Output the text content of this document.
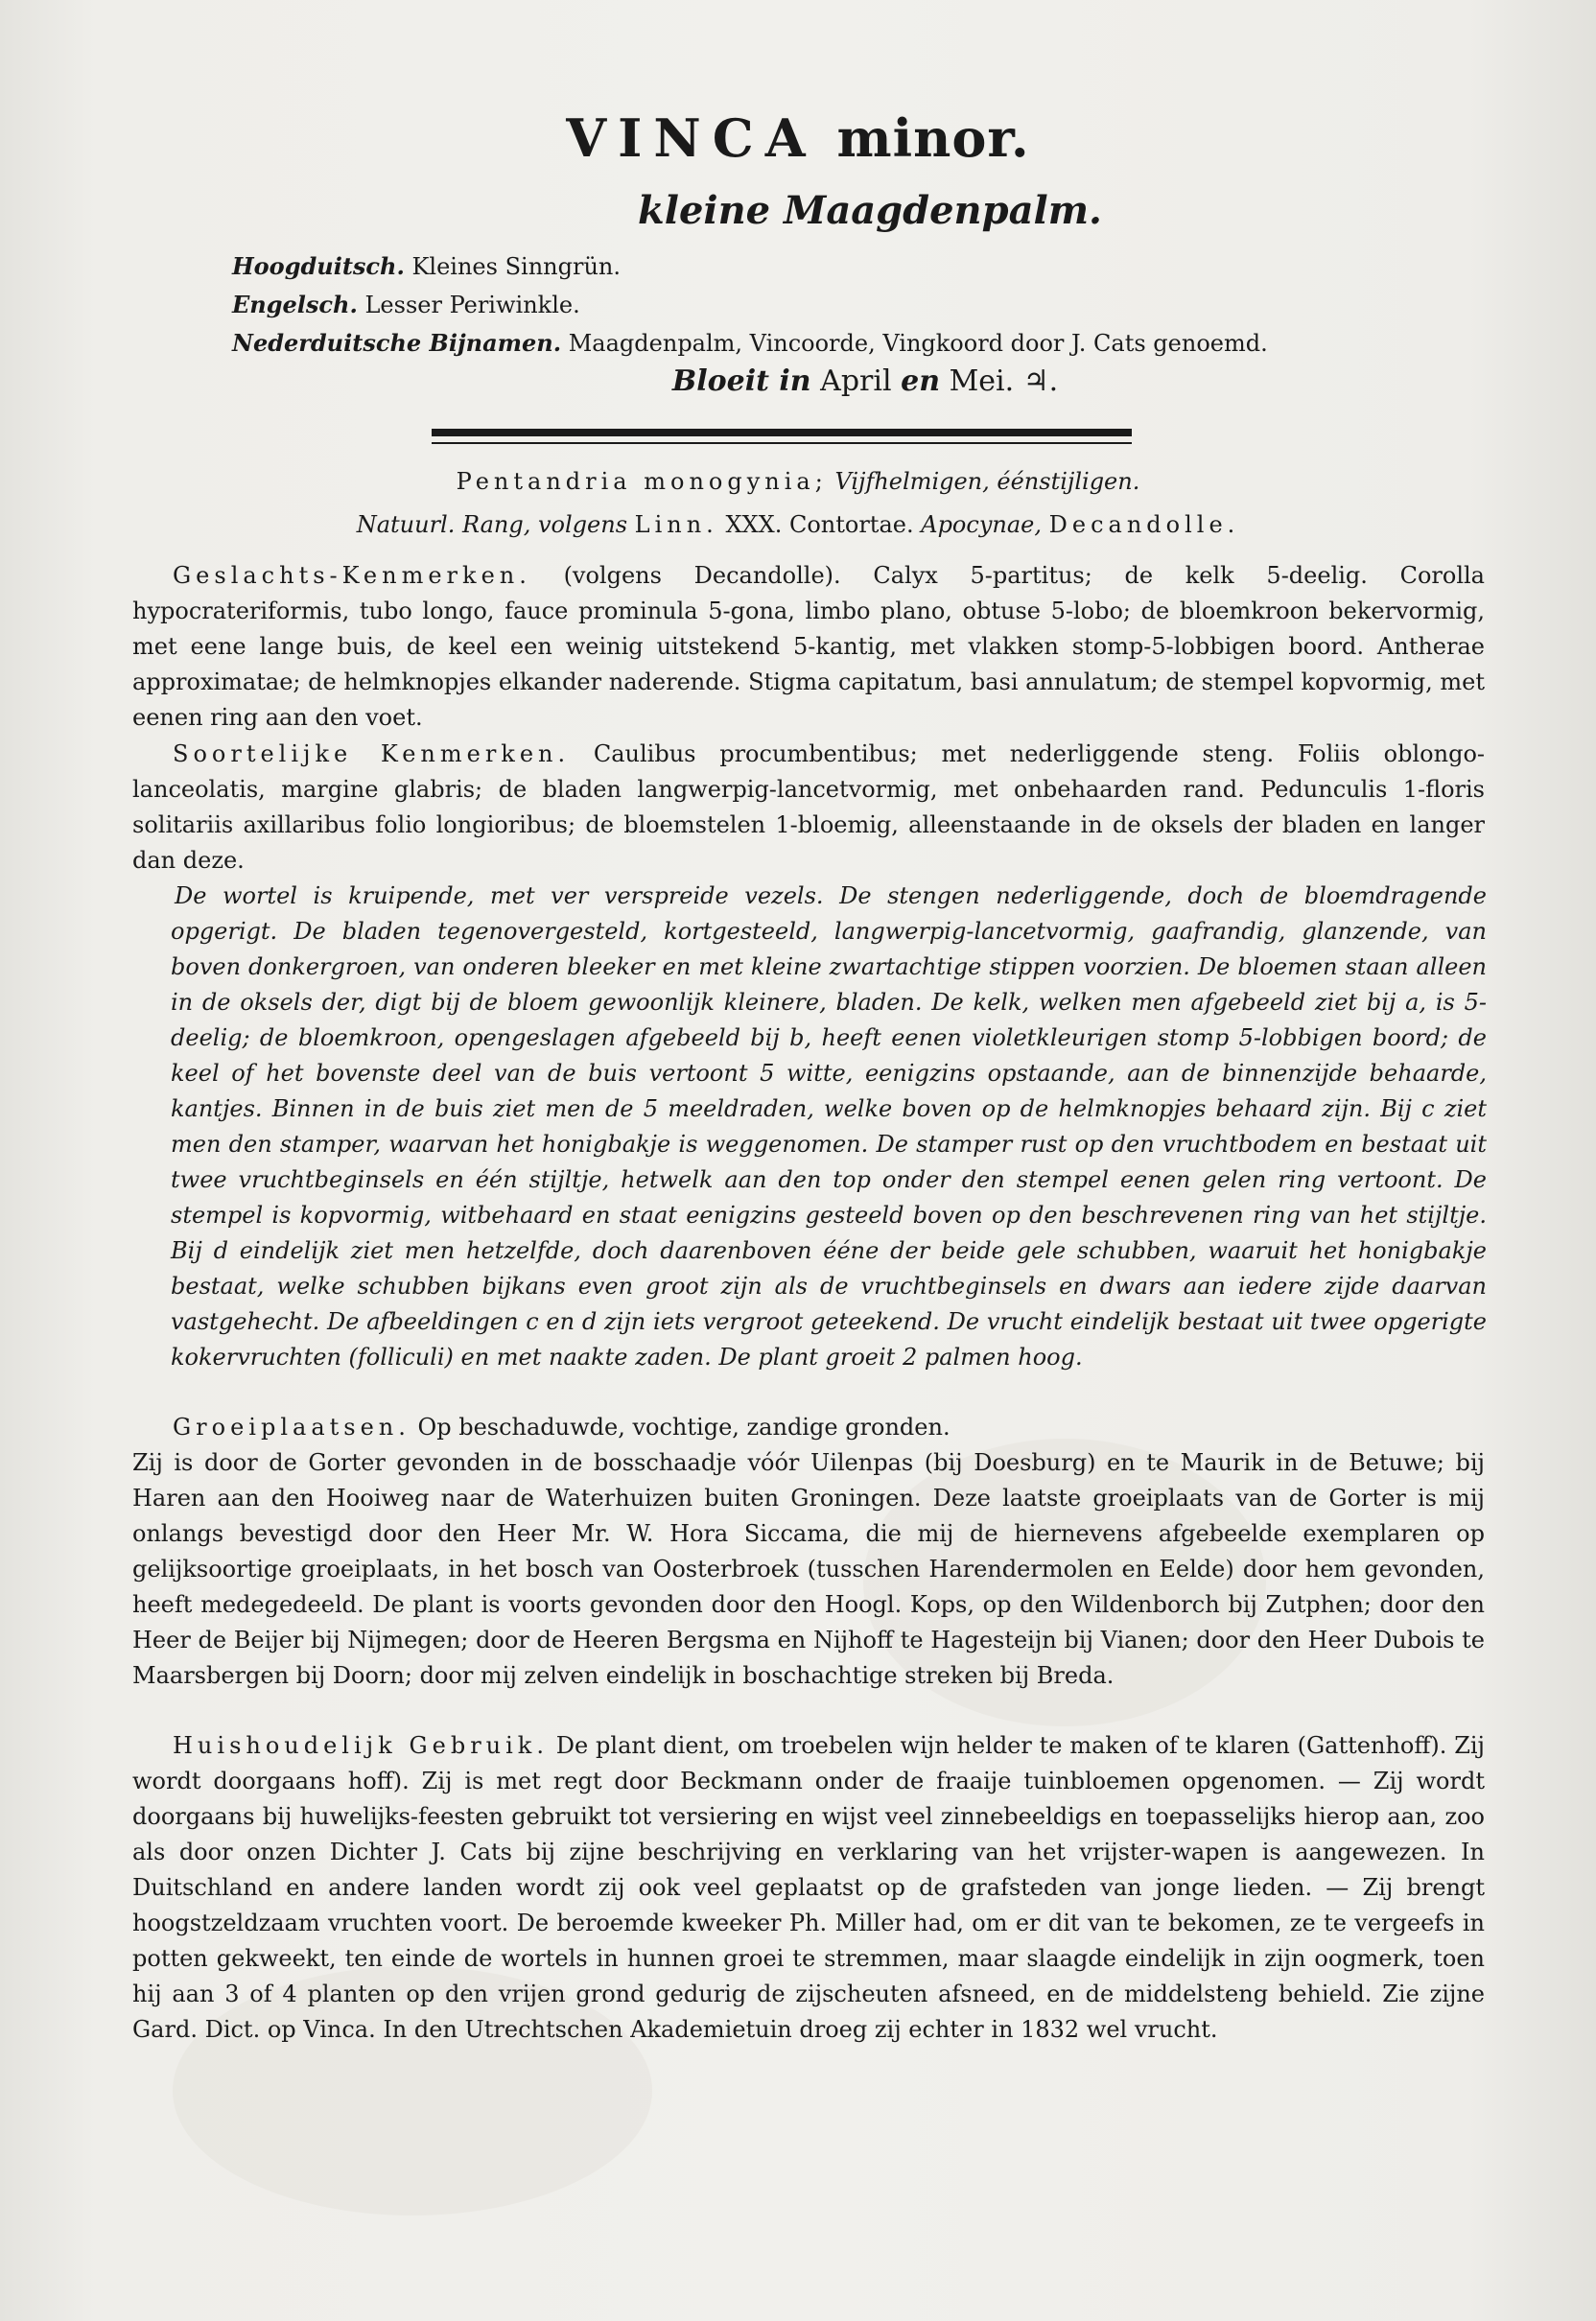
VINCA minor.
kleine Maagdenpalm.
Hoogduitsch. Kleines Sinngrün.
Engelsch. Lesser Periwinkle.
Nederduitsche Bijnamen. Maagdenpalm, Vincoorde, Vingkoord door J. Cats genoemd.
Bloeit in April en Mei. ♃.
Pentandria monogynia; Vijfhelmigen, éénstijligen.
Natuurl. Rang, volgens Linn. XXX. Contortae. Apocynae, Decandolle.

Geslachts-Kenmerken. (volgens Decandolle). Calyx 5-partitus; de kelk 5-deelig. Corolla hypocrateriformis, tubo longo, fauce prominula 5-gona, limbo plano, obtuse 5-lobo; de bloemkroon bekervormig, met eene lange buis, de keel een weinig uitstekend 5-kantig, met vlakken stomp-5-lobbigen boord. Antherae approximatae; de helmknopjes elkander naderende. Stigma capitatum, basi annulatum; de stempel kopvormig, met eenen ring aan den voet.

Soortelijke Kenmerken. Caulibus procumbentibus; met nederliggende steng. Foliis oblongo-lanceolatis, margine glabris; de bladen langwerpig-lancetvormig, met onbehaarden rand. Pedunculis 1-floris solitariis axillaribus folio longioribus; de bloemstelen 1-bloemig, alleenstaande in de oksels der bladen en langer dan deze.

De wortel is kruipende, met ver verspreide vezels. De stengen nederliggende, doch de bloemdragende opgerigt. De bladen tegenovergesteld, kortgesteeld, langwerpig-lancetvormig, gaafrandig, glanzende, van boven donkergroen, van onderen bleeker en met kleine zwartachtige stippen voorzien. De bloemen staan alleen in de oksels der, digt bij de bloem gewoonlijk kleinere, bladen. De kelk, welken men afgebeeld ziet bij a, is 5-deelig; de bloemkroon, opengeslagen afgebeeld bij b, heeft eenen violetkleurigen stomp 5-lobbigen boord; de keel of het bovenste deel van de buis vertoont 5 witte, eenigzins opstaande, aan de binnenzijde behaarde, kantjes. Binnen in de buis ziet men de 5 meeldraden, welke boven op de helmknopjes behaard zijn. Bij c ziet men den stamper, waarvan het honigbakje is weggenomen. De stamper rust op den vruchtbodem en bestaat uit twee vruchtbeginsels en één stijltje, hetwelk aan den top onder den stempel eenen gelen ring vertoont. De stempel is kopvormig, witbehaard en staat eenigzins gesteeld boven op den beschrevenen ring van het stijltje. Bij d eindelijk ziet men hetzelfde, doch daarenboven ééne der beide gele schubben, waaruit het honigbakje bestaat, welke schubben bijkans even groot zijn als de vruchtbeginsels en dwars aan iedere zijde daarvan vastgehecht. De afbeeldingen c en d zijn iets vergroot geteekend. De vrucht eindelijk bestaat uit twee opgerigte kokervruchten (folliculi) en met naakte zaden. De plant groeit 2 palmen hoog.

Groeiplaatsen. Op beschaduwde, vochtige, zandige gronden.

Zij is door de Gorter gevonden in de bosschaadje vóór Uilenpas (bij Doesburg) en te Maurik in de Betuwe; bij Haren aan den Hooiweg naar de Waterhuizen buiten Groningen. Deze laatste groeiplaats van de Gorter is mij onlangs bevestigd door den Heer Mr. W. Hora Siccama, die mij de hiernevens afgebeelde exemplaren op gelijksoortige groeiplaats, in het bosch van Oosterbroek (tusschen Harendermolen en Eelde) door hem gevonden, heeft medegedeeld. De plant is voorts gevonden door den Hoogl. Kops, op den Wildenborch bij Zutphen; door den Heer de Beijer bij Nijmegen; door de Heeren Bergsma en Nijhoff te Hagesteijn bij Vianen; door den Heer Dubois te Maarsbergen bij Doorn; door mij zelven eindelijk in boschachtige streken bij Breda.

Huishoudelijk Gebruik. De plant dient, om troebelen wijn helder te maken of te klaren (Gattenhoff). Zij wordt doorgaans hoff). Zij is met regt door Beckmann onder de fraaije tuinbloemen opgenomen. — Zij wordt doorgaans bij huwelijks-feesten gebruikt tot versiering en wijst veel zinnebeeldigs en toepasselijks hierop aan, zoo als door onzen Dichter J. Cats bij zijne beschrijving en verklaring van het vrijster-wapen is aangewezen. In Duitschland en andere landen wordt zij ook veel geplaatst op de grafsteden van jonge lieden. — Zij brengt hoogstzeldzaam vruchten voort. De beroemde kweeker Ph. Miller had, om er dit van te bekomen, ze te vergeefs in potten gekweekt, ten einde de wortels in hunnen groei te stremmen, maar slaagde eindelijk in zijn oogmerk, toen hij aan 3 of 4 planten op den vrijen grond gedurig de zijscheuten afsneed, en de middelsteng behield. Zie zijne Gard. Dict. op Vinca. In den Utrechtschen Akademietuin droeg zij echter in 1832 wel vrucht.
